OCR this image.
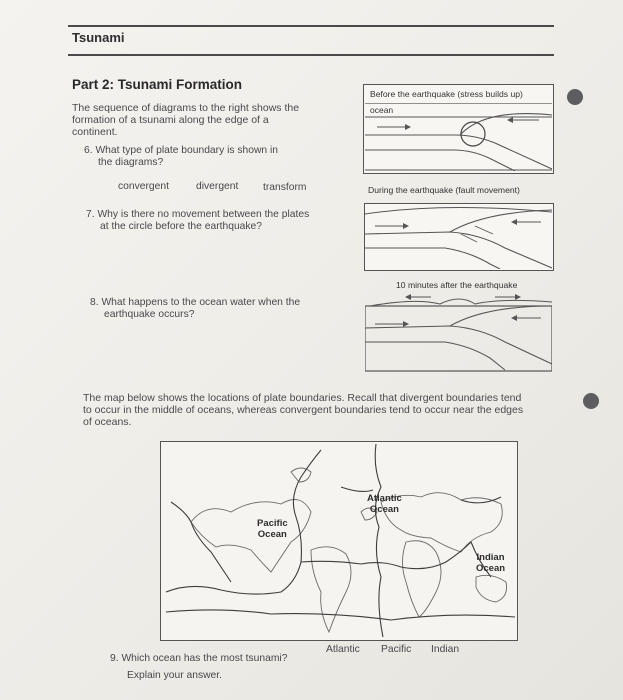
Tsunami
Part 2: Tsunami Formation
The sequence of diagrams to the right shows the
formation of a tsunami along the edge of a
continent.
6. What type of plate boundary is shown in
the diagrams?
convergent	divergent transform
7. Why is there no movement between the plates
at the circle before the earthquake?
8. What happens to the ocean water when the
earthquake occurs?
Before the earthquake (stress builds up)
ocean
During the earthquake (fault movement)
10 minutes after the earthquake
The map below shows the locations of plate boundaries. Recall that divergent boundaries tend
to occur in the middle of oceans, whereas convergent boundaries tend to occur near the edges
of oceans.
Pacific
Ocean
Atlantic
Ocean
Indian
Ocean
9. Which ocean has the most tsunami?
Atlantic Pacific Indian
Explain your answer.
